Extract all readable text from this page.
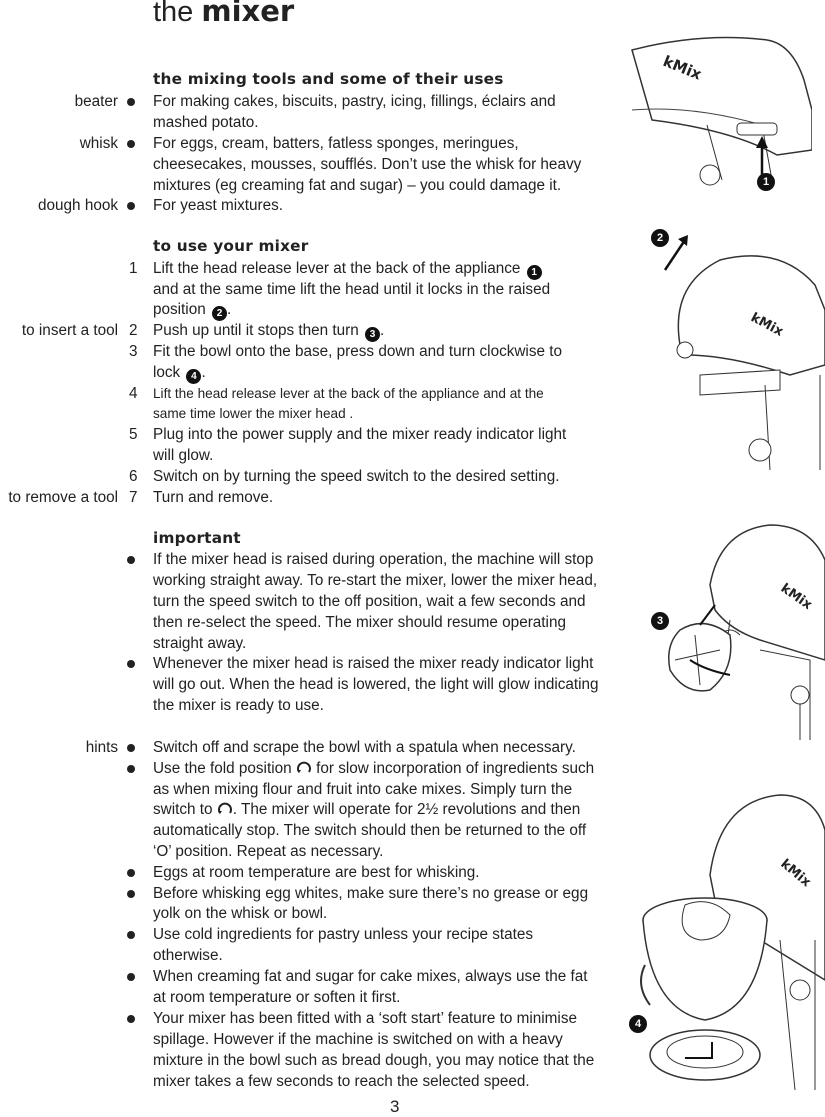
the mixer
the mixing tools and some of their uses
beater For making cakes, biscuits, pastry, icing, fillings, éclairs and
mashed potato.
whisk For eggs, cream, batters, fatless sponges, meringues,
cheesecakes, mousses, soufflés. Don’t use the whisk for heavy
mixtures (eg creaming fat and sugar) – you could damage it.
dough hook For yeast mixtures.
to use your mixer
1 Lift the head release lever at the back of the appliance 1
and at the same time lift the head until it locks in the raised
position 2 .
to insert a tool 2 Push up until it stops then turn 3 .
3 Fit the bowl onto the base, press down and turn clockwise to
lock 4 .
4 Lift the head release lever at the back of the appliance and at the
same time lower the mixer head .
5 Plug into the power supply and the mixer ready indicator light
will glow.
6 Switch on by turning the speed switch to the desired setting.
to remove a tool 7 Turn and remove.
important
If the mixer head is raised during operation, the machine will stop
working straight away. To re-start the mixer, lower the mixer head,
turn the speed switch to the off position, wait a few seconds and
then re-select the speed. The mixer should resume operating
straight away.
Whenever the mixer head is raised the mixer ready indicator light
will go out. When the head is lowered, the light will glow indicating
the mixer is ready to use.
hints Switch off and scrape the bowl with a spatula when necessary.
Use the fold position for slow incorporation of ingredients such
as when mixing flour and fruit into cake mixes. Simply turn the
switch to . The mixer will operate for 2½ revolutions and then
automatically stop. The switch should then be returned to the off
‘O’ position. Repeat as necessary.
Eggs at room temperature are best for whisking.
Before whisking egg whites, make sure there’s no grease or egg
yolk on the whisk or bowl.
Use cold ingredients for pastry unless your recipe states
otherwise.
When creaming fat and sugar for cake mixes, always use the fat
at room temperature or soften it first.
Your mixer has been fitted with a ‘soft start’ feature to minimise
spillage. However if the machine is switched on with a heavy
mixture in the bowl such as bread dough, you may notice that the
mixer takes a few seconds to reach the selected speed.
3
kMix
1
kMix
2
kMix
3
kMix
4
